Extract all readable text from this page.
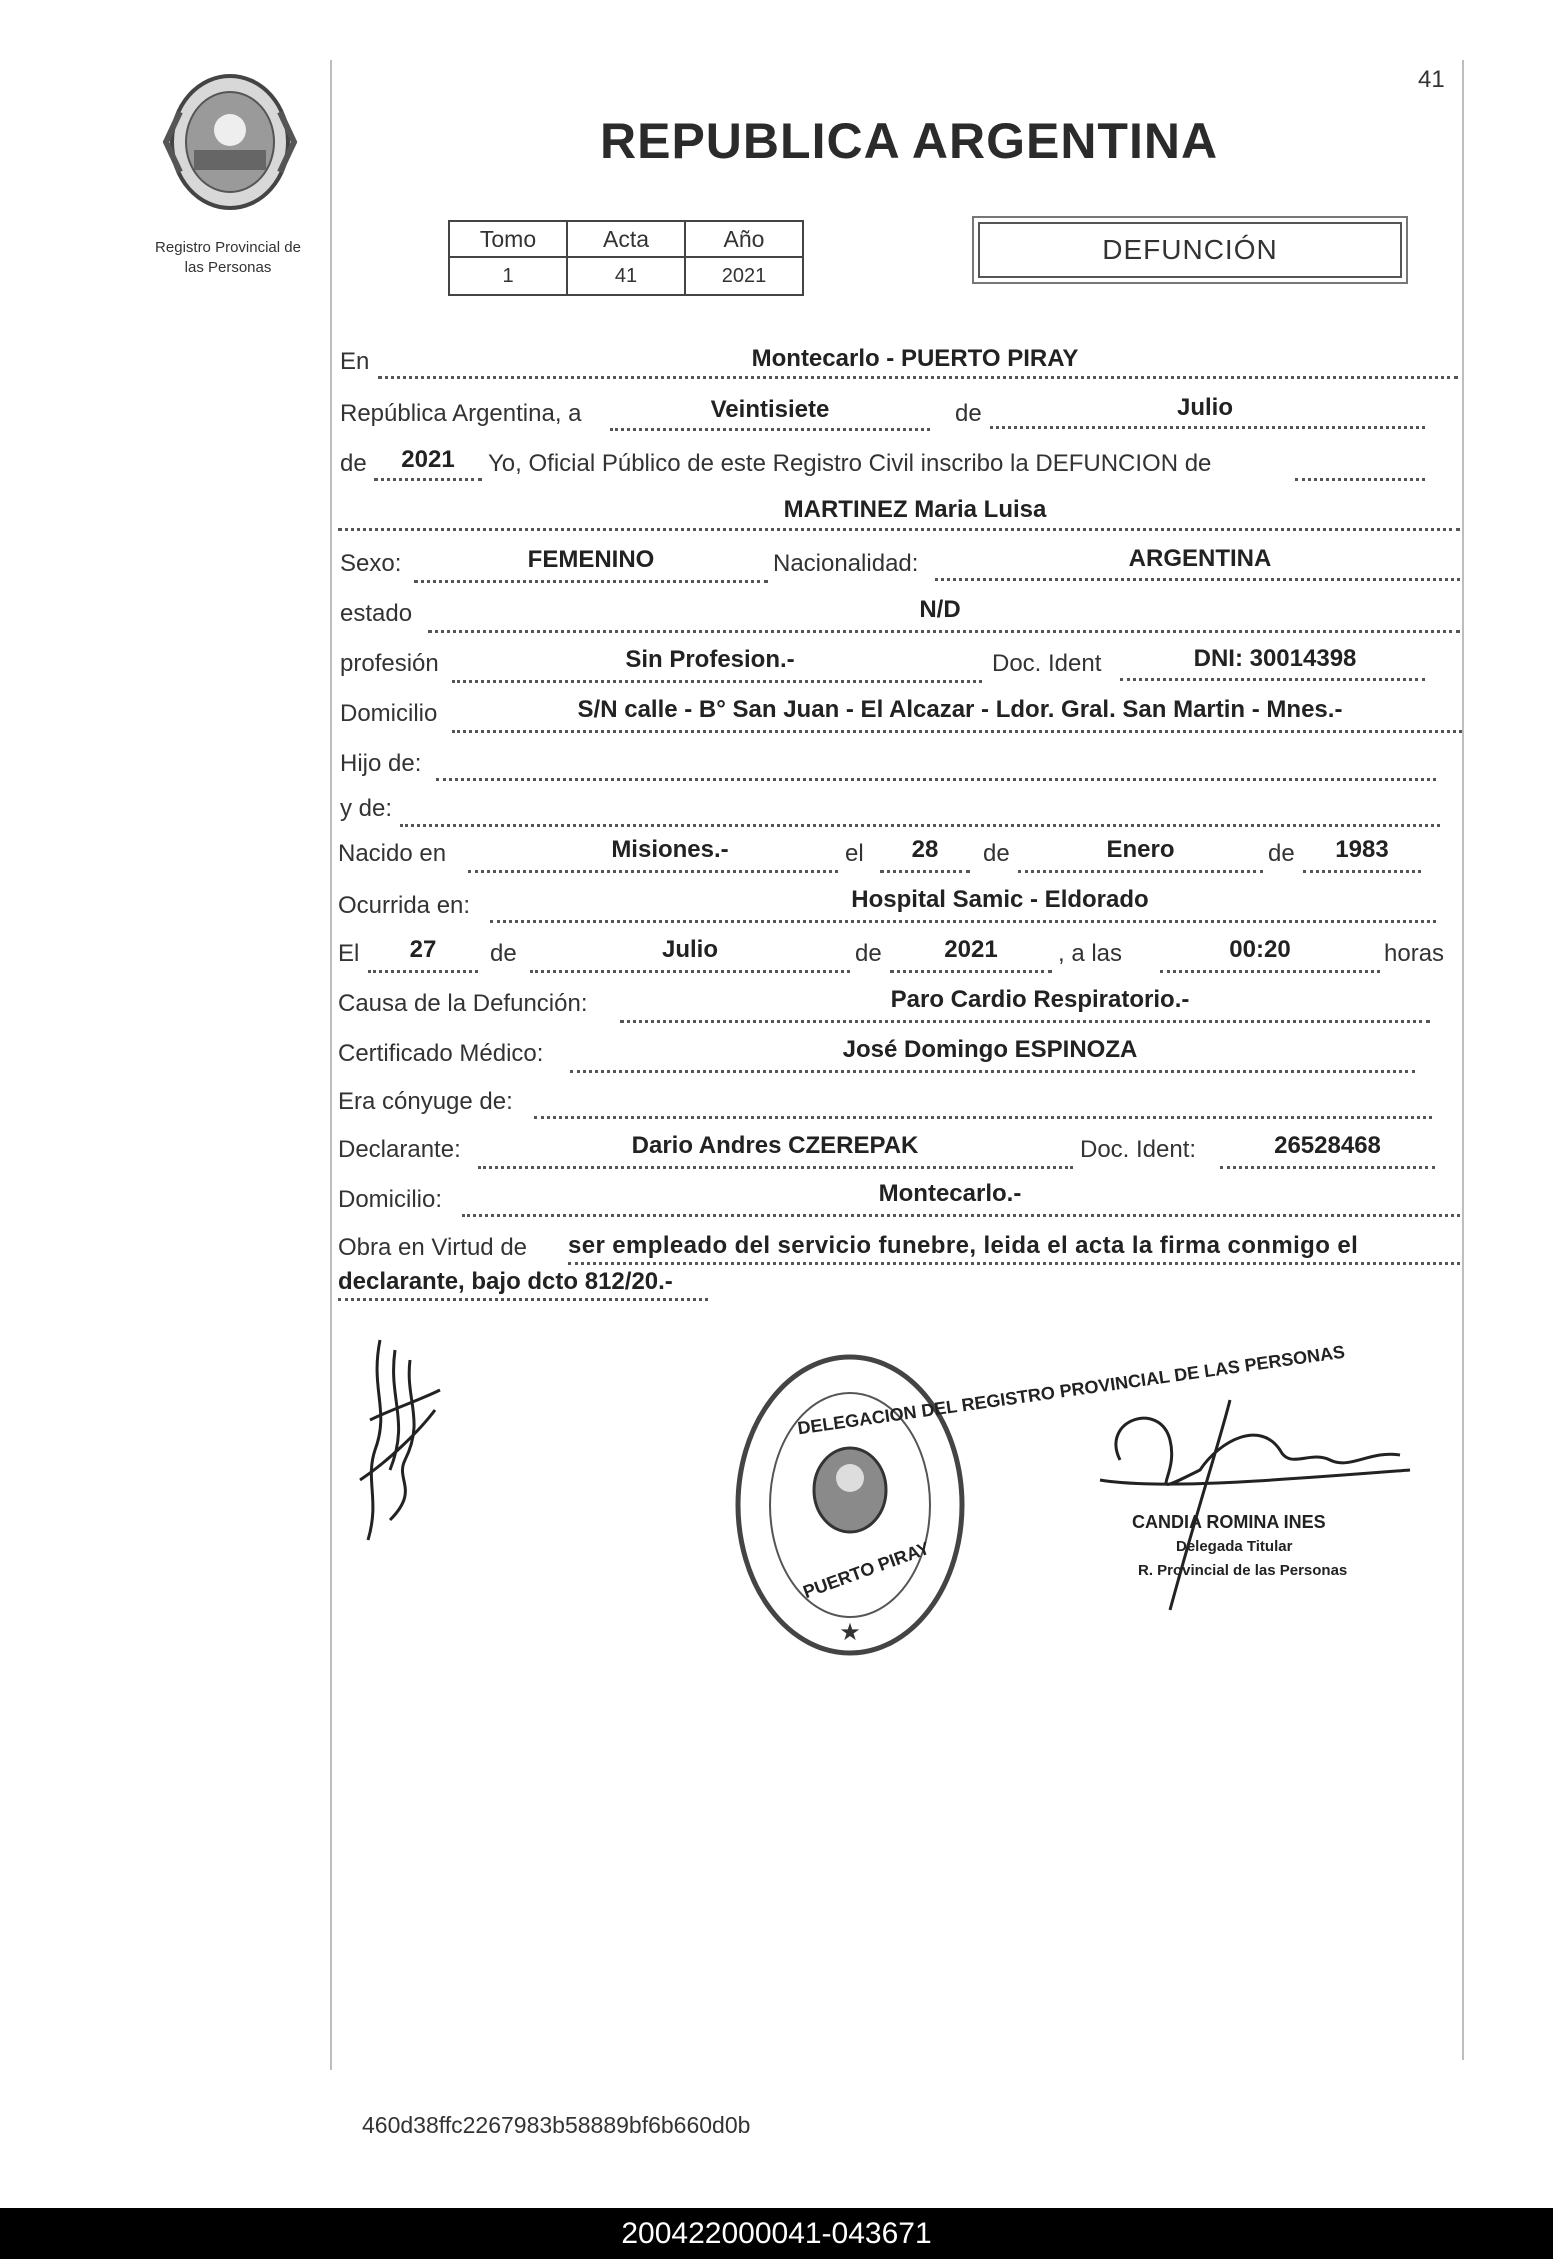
41
Registro Provincial de
las Personas
REPUBLICA ARGENTINA
Tomo	Acta	Año
1	41	2021
DEFUNCIÓN
En	Montecarlo - PUERTO PIRAY
República Argentina, a	Veintisiete	de	Julio
de	2021	Yo, Oficial Público de este Registro Civil inscribo la DEFUNCION de
MARTINEZ Maria Luisa
Sexo:	FEMENINO	Nacionalidad:	ARGENTINA
estado	N/D
profesión	Sin Profesion.-	Doc. Ident	DNI: 30014398
Domicilio	S/N calle - B° San Juan - El Alcazar - Ldor. Gral. San Martin - Mnes.-
Hijo de:
y de:
Nacido en	Misiones.-	el	28	de	Enero	de	1983
Ocurrida en:	Hospital Samic - Eldorado
El	27	de	Julio	de	2021	, a las	00:20	horas
Causa de la Defunción:	Paro Cardio Respiratorio.-
Certificado Médico:	José Domingo ESPINOZA
Era cónyuge de:
Declarante:	Dario Andres CZEREPAK	Doc. Ident:	26528468
Domicilio:	Montecarlo.-
Obra en Virtud de ser empleado del servicio funebre, leida el acta la firma conmigo el
declarante, bajo dcto 812/20.-
★
DELEGACION DEL REGISTRO PROVINCIAL DE LAS PERSONAS
PUERTO PIRAY
CANDIA ROMINA INES
Delegada Titular
R. Provincial de las Personas
460d38ffc2267983b58889bf6b660d0b
200422000041-043671
